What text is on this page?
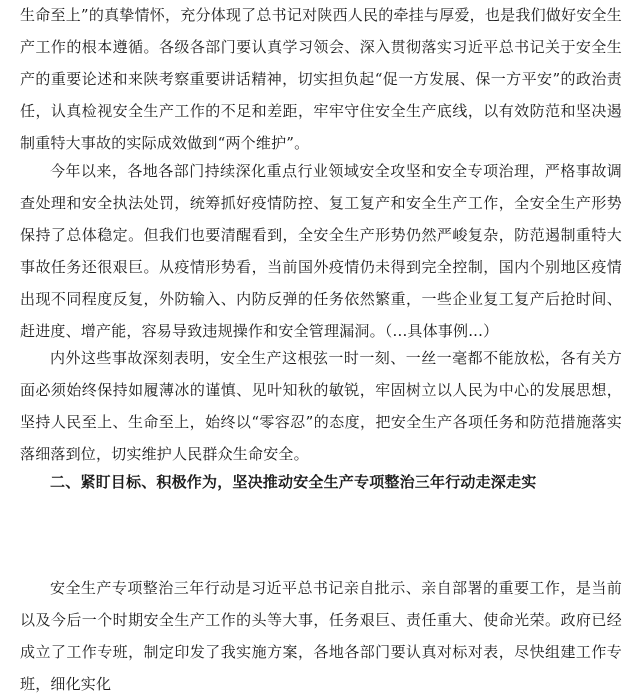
生命至上”的真挚情怀，充分体现了总书记对陕西人民的牵挂与厚爱，也是我们做好安全生产工作的根本遵循。各级各部门要认真学习领会、深入贯彻落实习近平总书记关于安全生产的重要论述和来陕考察重要讲话精神，切实担负起“促一方发展、保一方平安”的政治责任，认真检视安全生产工作的不足和差距，牢牢守住安全生产底线，以有效防范和坚决遏制重特大事故的实际成效做到“两个维护”。

今年以来，各地各部门持续深化重点行业领域安全攻坚和安全专项治理，严格事故调查处理和安全执法处罚，统筹抓好疫情防控、复工复产和安全生产工作，全安全生产形势保持了总体稳定。但我们也要清醒看到，全安全生产形势仍然严峻复杂，防范遏制重特大事故任务还很艰巨。从疫情形势看，当前国外疫情仍未得到完全控制，国内个别地区疫情出现不同程度反复，外防输入、内防反弹的任务依然繁重，一些企业复工复产后抢时间、赶进度、增产能，容易导致违规操作和安全管理漏洞。（...具体事例...）

内外这些事故深刻表明，安全生产这根弦一时一刻、一丝一毫都不能放松，各有关方面必须始终保持如履薄冰的谨慎、见叶知秋的敏锐，牢固树立以人民为中心的发展思想，坚持人民至上、生命至上，始终以“零容忍”的态度，把安全生产各项任务和防范措施落实落细落到位，切实维护人民群众生命安全。

二、紧盯目标、积极作为，坚决推动安全生产专项整治三年行动走深走实

安全生产专项整治三年行动是习近平总书记亲自批示、亲自部署的重要工作，是当前以及今后一个时期安全生产工作的头等大事，任务艰巨、责任重大、使命光荣。政府已经成立了工作专班，制定印发了我实施方案，各地各部门要认真对标对表，尽快组建工作专班，细化实化
